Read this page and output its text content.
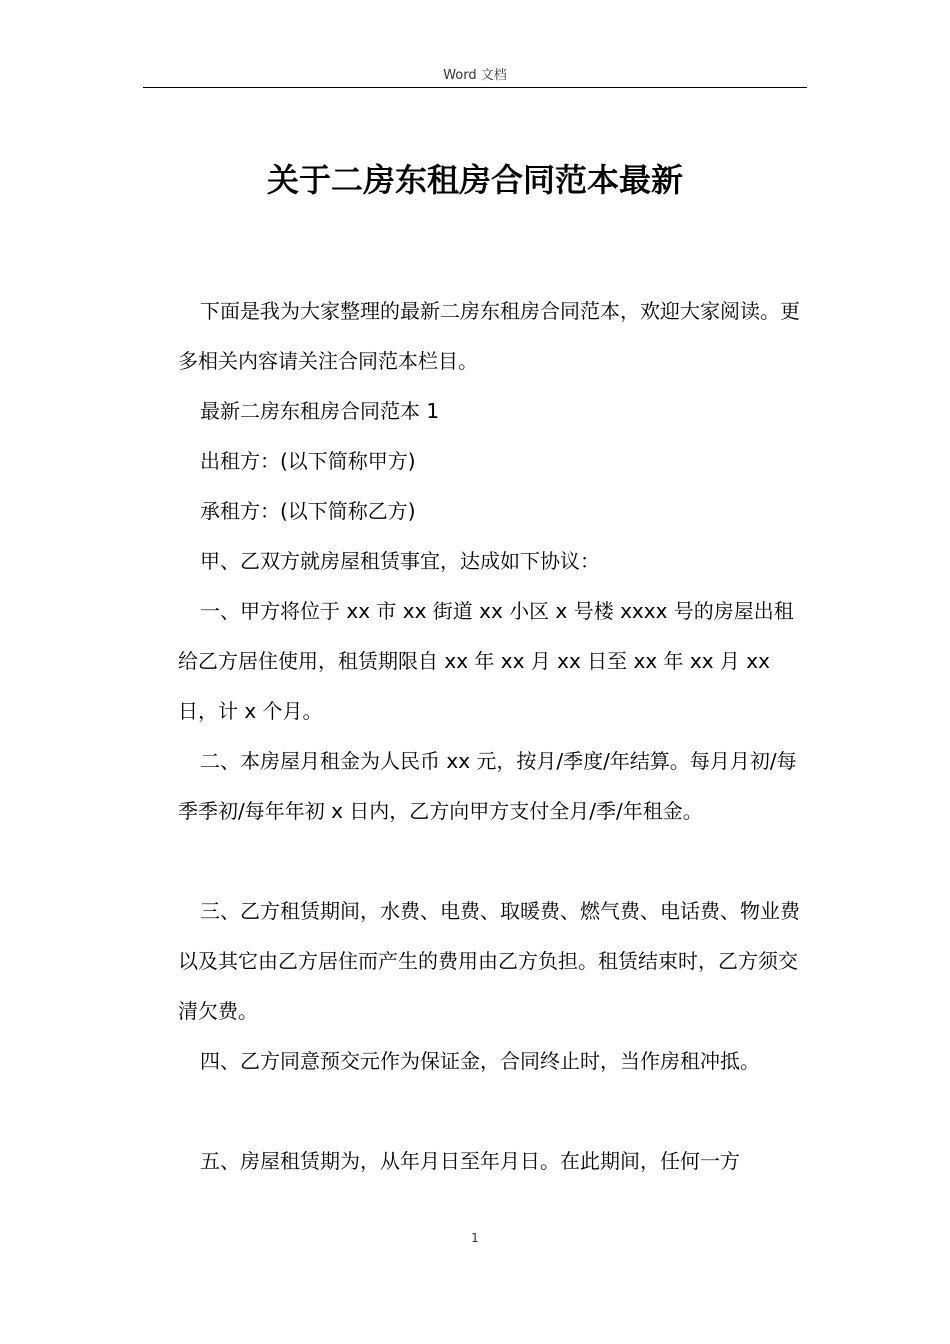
Word 文档
关于二房东租房合同范本最新

下面是我为大家整理的最新二房东租房合同范本，欢迎大家阅读。更多相关内容请关注合同范本栏目。

最新二房东租房合同范本 1

出租方：(以下简称甲方)

承租方：(以下简称乙方)

甲、乙双方就房屋租赁事宜，达成如下协议：

一、甲方将位于 xx 市 xx 街道 xx 小区 x 号楼 xxxx 号的房屋出租给乙方居住使用，租赁期限自 xx 年 xx 月 xx 日至 xx 年 xx 月 xx 日，计 x 个月。

二、本房屋月租金为人民币 xx 元，按月/季度/年结算。每月月初/每季季初/每年年初 x 日内，乙方向甲方支付全月/季/年租金。

三、乙方租赁期间，水费、电费、取暖费、燃气费、电话费、物业费以及其它由乙方居住而产生的费用由乙方负担。租赁结束时，乙方须交清欠费。

四、乙方同意预交元作为保证金，合同终止时，当作房租冲抵。

五、房屋租赁期为，从年月日至年月日。在此期间，任何一方

1
